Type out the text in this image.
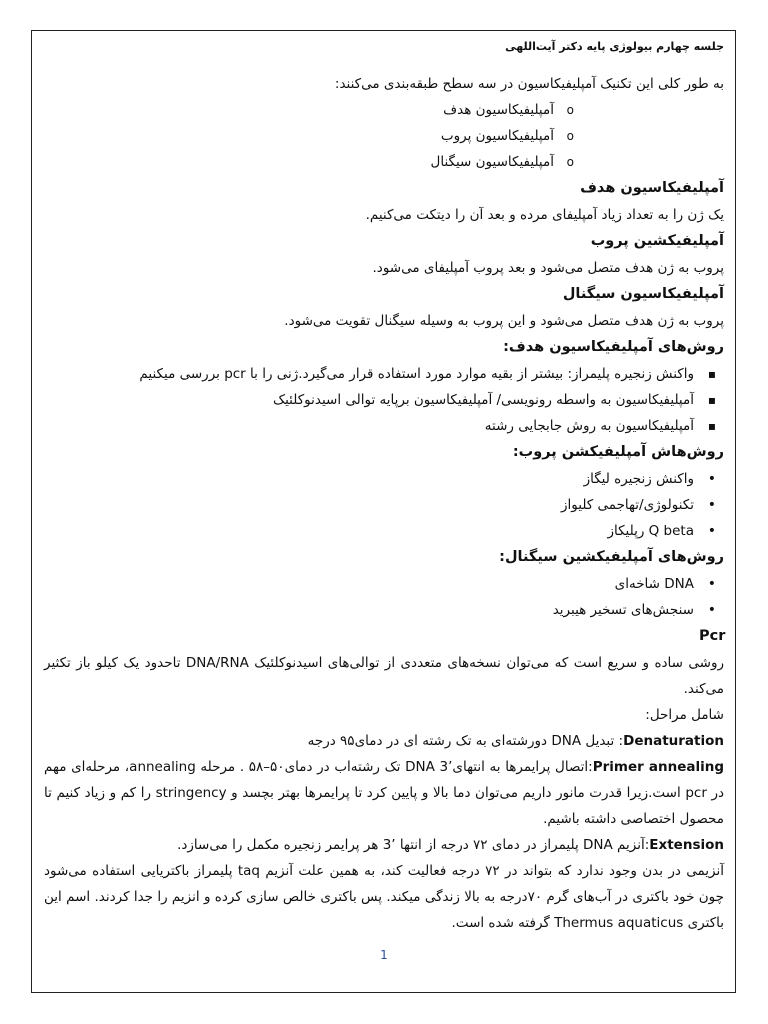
جلسه چهارم بیولوژی پایه دکتر آیت‌اللهی

به طور کلی این تکنیک آمپلیفیکاسیون در سه سطح طبقه‌بندی می‌کنند:

o آمپلیفیکاسیون هدف
o آمپلیفیکاسیون پروب
o آمپلیفیکاسیون سیگنال

آمپلیفیکاسیون هدف

یک ژن را به تعداد زیاد آمپلیفای مرده و بعد آن را دیتکت می‌کنیم.

آمپلیفیکشین پروب

پروب به ژن هدف متصل می‌شود و بعد پروب آمپلیفای می‌شود.

آمپلیفیکاسیون سیگنال

پروب به ژن هدف متصل می‌شود و این پروب به وسیله سیگنال تقویت می‌شود.

روش‌های آمپلیفیکاسیون هدف:

▪ واکنش زنجیره پلیمراز: بیشتر از بقیه موارد مورد استفاده قرار می‌گیرد.ژنی را با pcr بررسی میکنیم
▪ آمپلیفیکاسیون به واسطه رونویسی/ آمپلیفیکاسیون برپایه توالی اسیدنوکلئیک
▪ آمپلیفیکاسیون به روش جابجایی رشته

روش‌هاش آمپلیفیکشن پروب:

• واکنش زنجیره لیگاز
• تکنولوژی/تهاجمی کلیواز
• Q beta رپلیکاز

روش‌های آمپلیفیکشین سیگنال:

• DNA شاخه‌ای
• سنجش‌های تسخیر هیبرید

Pcr

روشی ساده و سریع است که می‌توان نسخه‌های متعددی از توالی‌های اسیدنوکلئیک DNA/RNA تاحدود یک کیلو باز تکثیر می‌کند.

شامل مراحل:

Denaturation: تبدیل DNA دورشته‌ای به تک رشته ای در دمای۹۵ درجه

Primer annealing:اتصال پرایمرها به انتهای‌’DNA 3 تک رشته‌اب در دمای‌۵۰–۵۸ . مرحله annealing، مرحله‌ای مهم در pcr است.زیرا قدرت مانور داریم می‌توان دما بالا و پایین کرد تا پرایمرها بهتر بچسد و stringency را کم و زیاد کنیم تا محصول اختصاصی داشته باشیم.

Extension:آنزیم DNA پلیمراز در دمای ۷۲ درجه از انتها ’3 هر پرایمر زنجیره مکمل را می‌سازد.

آنزیمی در بدن وجود ندارد که بتواند در ۷۲ درجه فعالیت کند، به همین علت آنزیم taq پلیمراز باکتریایی استفاده می‌شود چون خود باکتری در آب‌های گرم ۷۰درجه به بالا زندگی میکند. پس باکتری خالص سازی کرده و انزیم را جدا کردند. اسم این باکتری Thermus aquaticus گرفته شده است.

1
